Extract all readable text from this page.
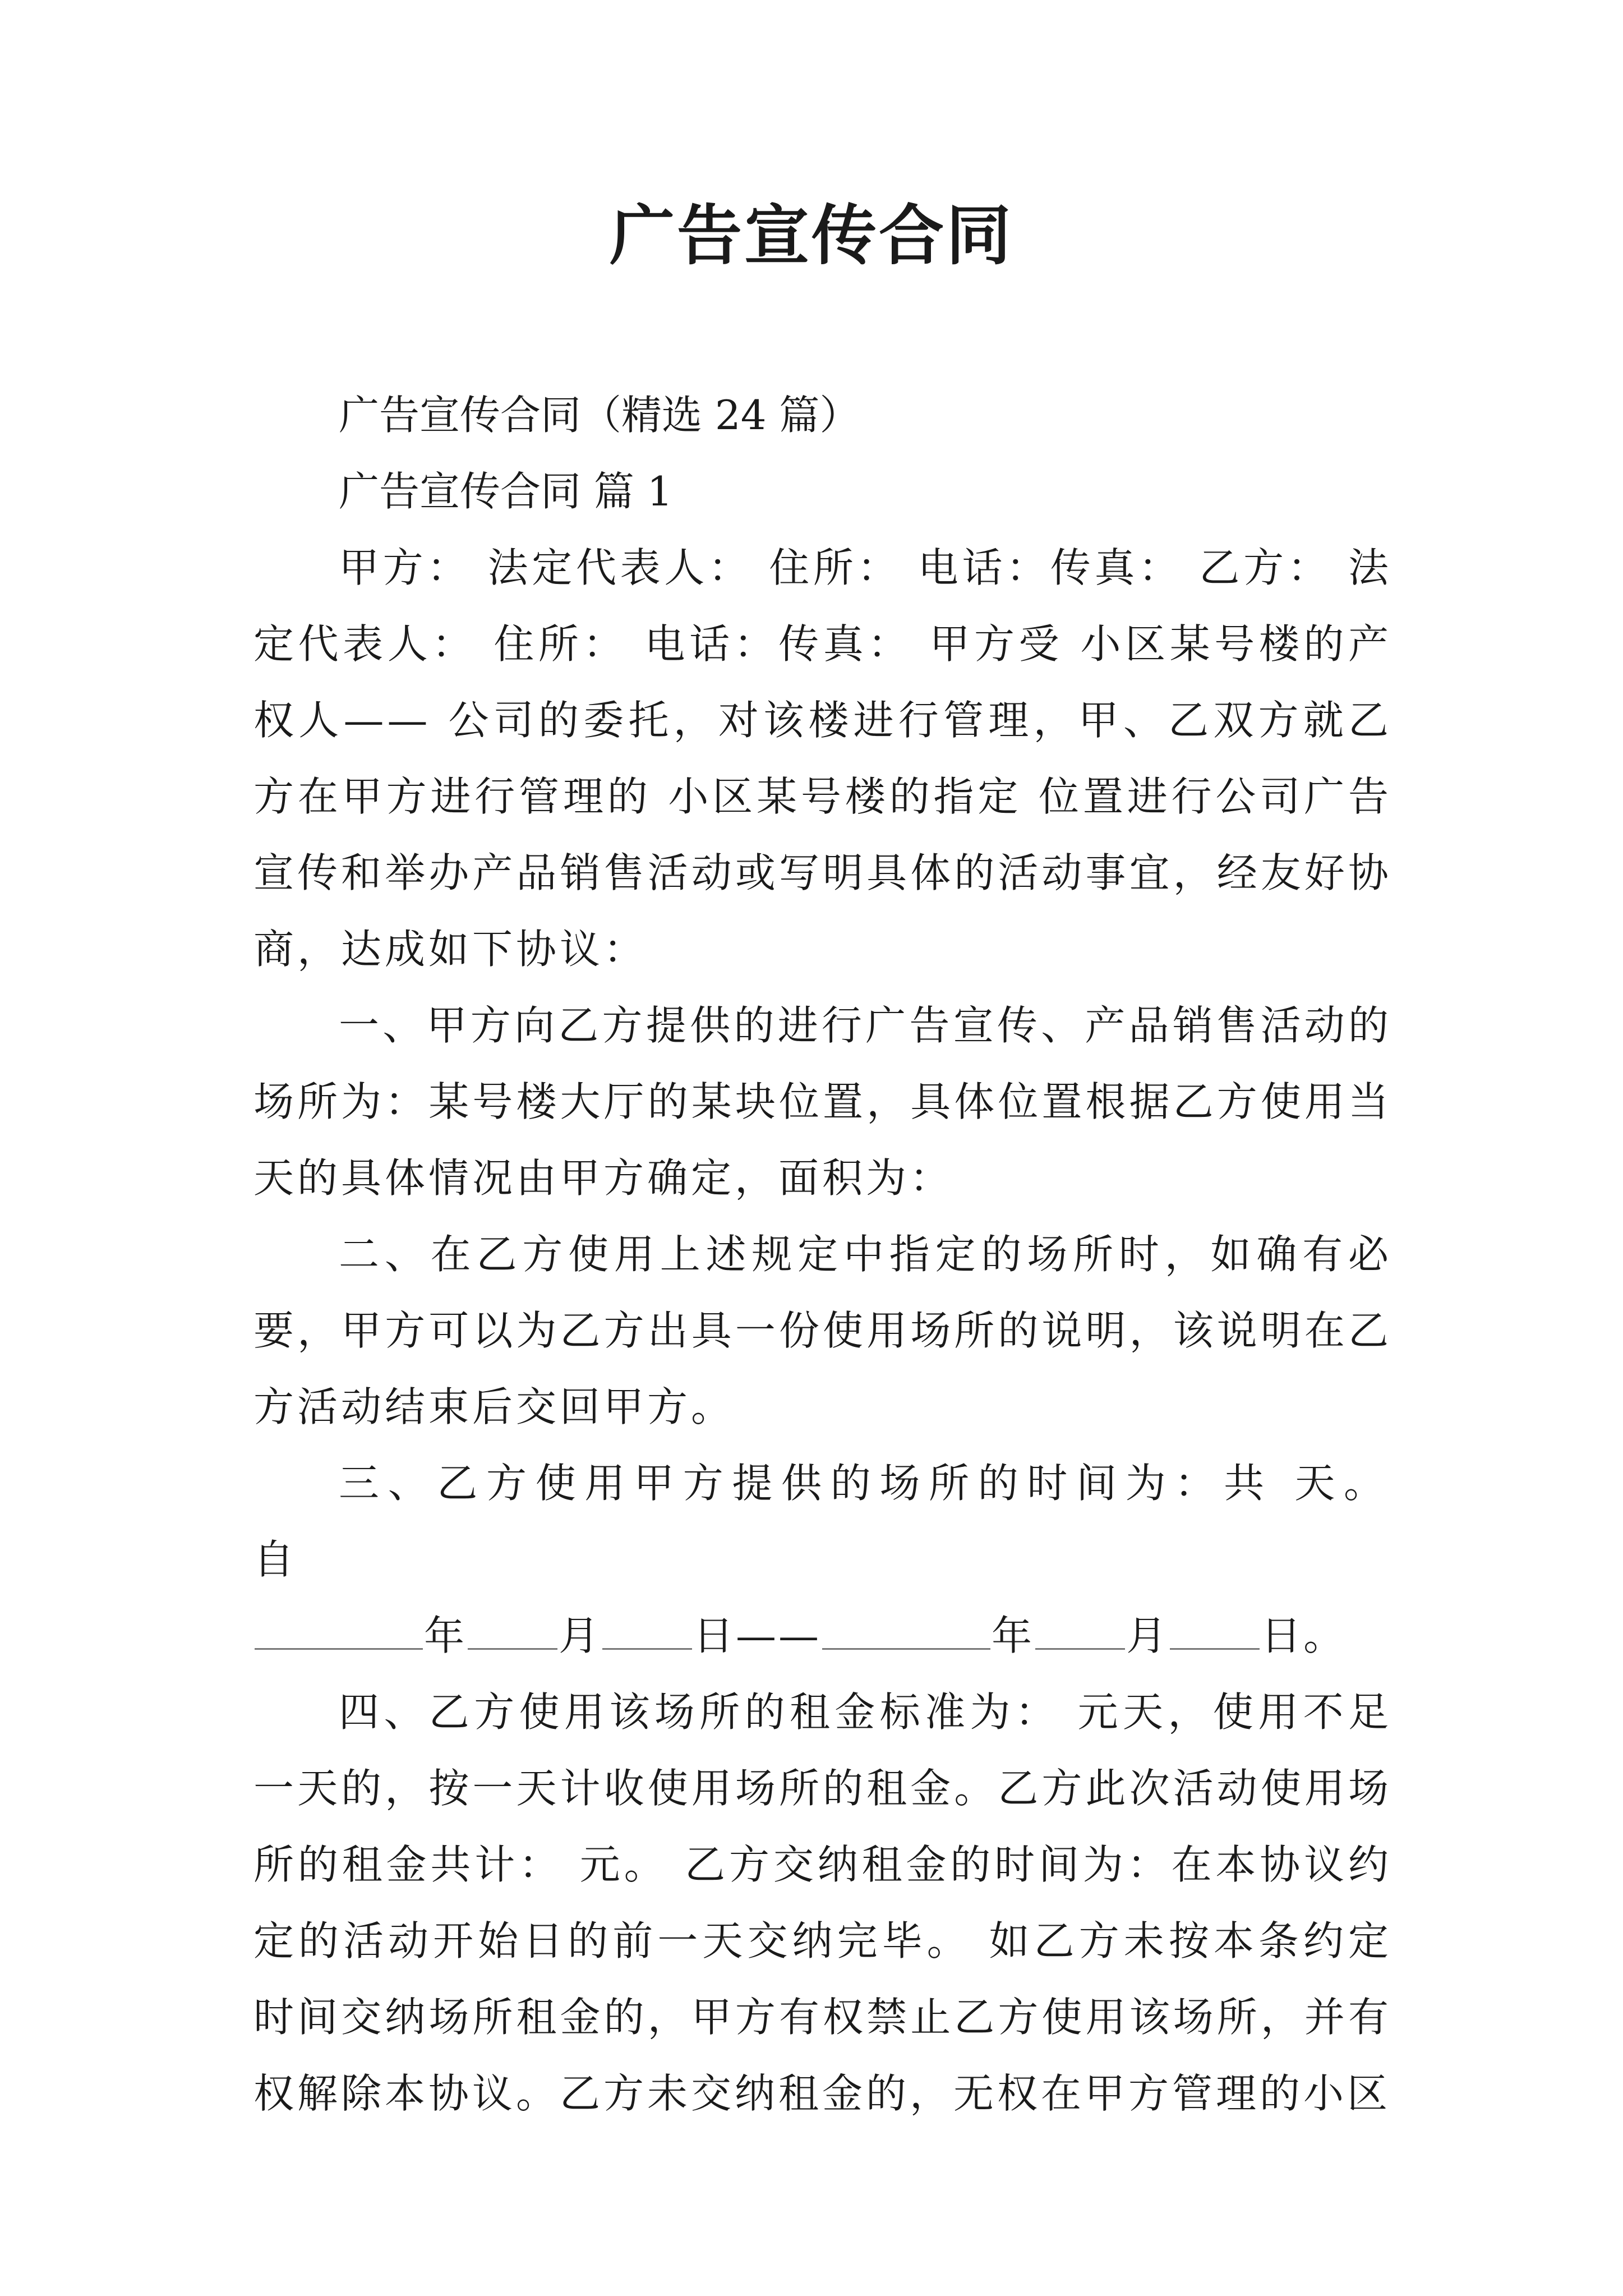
广告宣传合同

广告宣传合同（精选 24 篇）

广告宣传合同 篇 1

甲方： 法定代表人： 住所： 电话：传真： 乙方： 法定代表人： 住所： 电话：传真： 甲方受 小区某号楼的产权人—— 公司的委托，对该楼进行管理，甲、乙双方就乙方在甲方进行管理的 小区某号楼的指定 位置进行公司广告宣传和举办产品销售活动或写明具体的活动事宜，经友好协商，达成如下协议：

一、甲方向乙方提供的进行广告宣传、产品销售活动的场所为：某号楼大厅的某块位置，具体位置根据乙方使用当天的具体情况由甲方确定，面积为：

二、在乙方使用上述规定中指定的场所时，如确有必要，甲方可以为乙方出具一份使用场所的说明，该说明在乙方活动结束后交回甲方。

三、乙方使用甲方提供的场所的时间为：共 天。自

年 月 日——	年 月 日。

四、乙方使用该场所的租金标准为： 元天，使用不足一天的，按一天计收使用场所的租金。乙方此次活动使用场所的租金共计： 元。 乙方交纳租金的时间为：在本协议约定的活动开始日的前一天交纳完毕。 如乙方未按本条约定时间交纳场所租金的，甲方有权禁止乙方使用该场所，并有权解除本协议。乙方未交纳租金的，无权在甲方管理的小区
